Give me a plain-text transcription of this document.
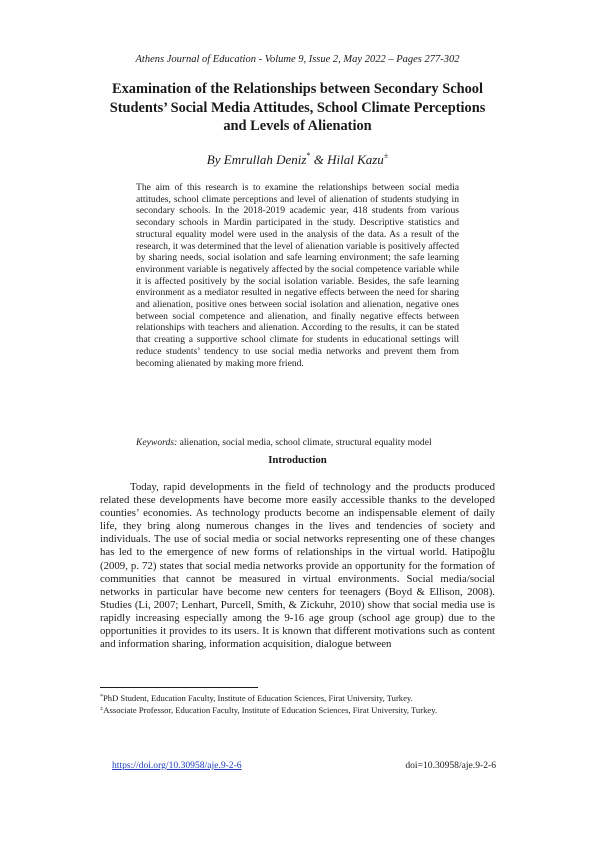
Athens Journal of Education - Volume 9, Issue 2, May 2022 – Pages 277-302
Examination of the Relationships between Secondary School Students’ Social Media Attitudes, School Climate Perceptions and Levels of Alienation
By Emrullah Deniz* & Hilal Kazu±
The aim of this research is to examine the relationships between social media attitudes, school climate perceptions and level of alienation of students studying in secondary schools. In the 2018-2019 academic year, 418 students from various secondary schools in Mardin participated in the study. Descriptive statistics and structural equality model were used in the analysis of the data. As a result of the research, it was determined that the level of alienation variable is positively affected by sharing needs, social isolation and safe learning environment; the safe learning environment variable is negatively affected by the social competence variable while it is affected positively by the social isolation variable. Besides, the safe learning environment as a mediator resulted in negative effects between the need for sharing and alienation, positive ones between social isolation and alienation, negative ones between social competence and alienation, and finally negative effects between relationships with teachers and alienation. According to the results, it can be stated that creating a supportive school climate for students in educational settings will reduce students’ tendency to use social media networks and prevent them from becoming alienated by making more friend.
Keywords: alienation, social media, school climate, structural equality model
Introduction
Today, rapid developments in the field of technology and the products produced related these developments have become more easily accessible thanks to the developed counties’ economies. As technology products become an indispensable element of daily life, they bring along numerous changes in the lives and tendencies of society and individuals. The use of social media or social networks representing one of these changes has led to the emergence of new forms of relationships in the virtual world. Hatipoğlu (2009, p. 72) states that social media networks provide an opportunity for the formation of communities that cannot be measured in virtual environments. Social media/social networks in particular have become new centers for teenagers (Boyd & Ellison, 2008). Studies (Li, 2007; Lenhart, Purcell, Smith, & Zickuhr, 2010) show that social media use is rapidly increasing especially among the 9-16 age group (school age group) due to the opportunities it provides to its users. It is known that different motivations such as content and information sharing, information acquisition, dialogue between
*PhD Student, Education Faculty, Institute of Education Sciences, Firat University, Turkey.
±Associate Professor, Education Faculty, Institute of Education Sciences, Firat University, Turkey.
https://doi.org/10.30958/aje.9-2-6	doi=10.30958/aje.9-2-6
